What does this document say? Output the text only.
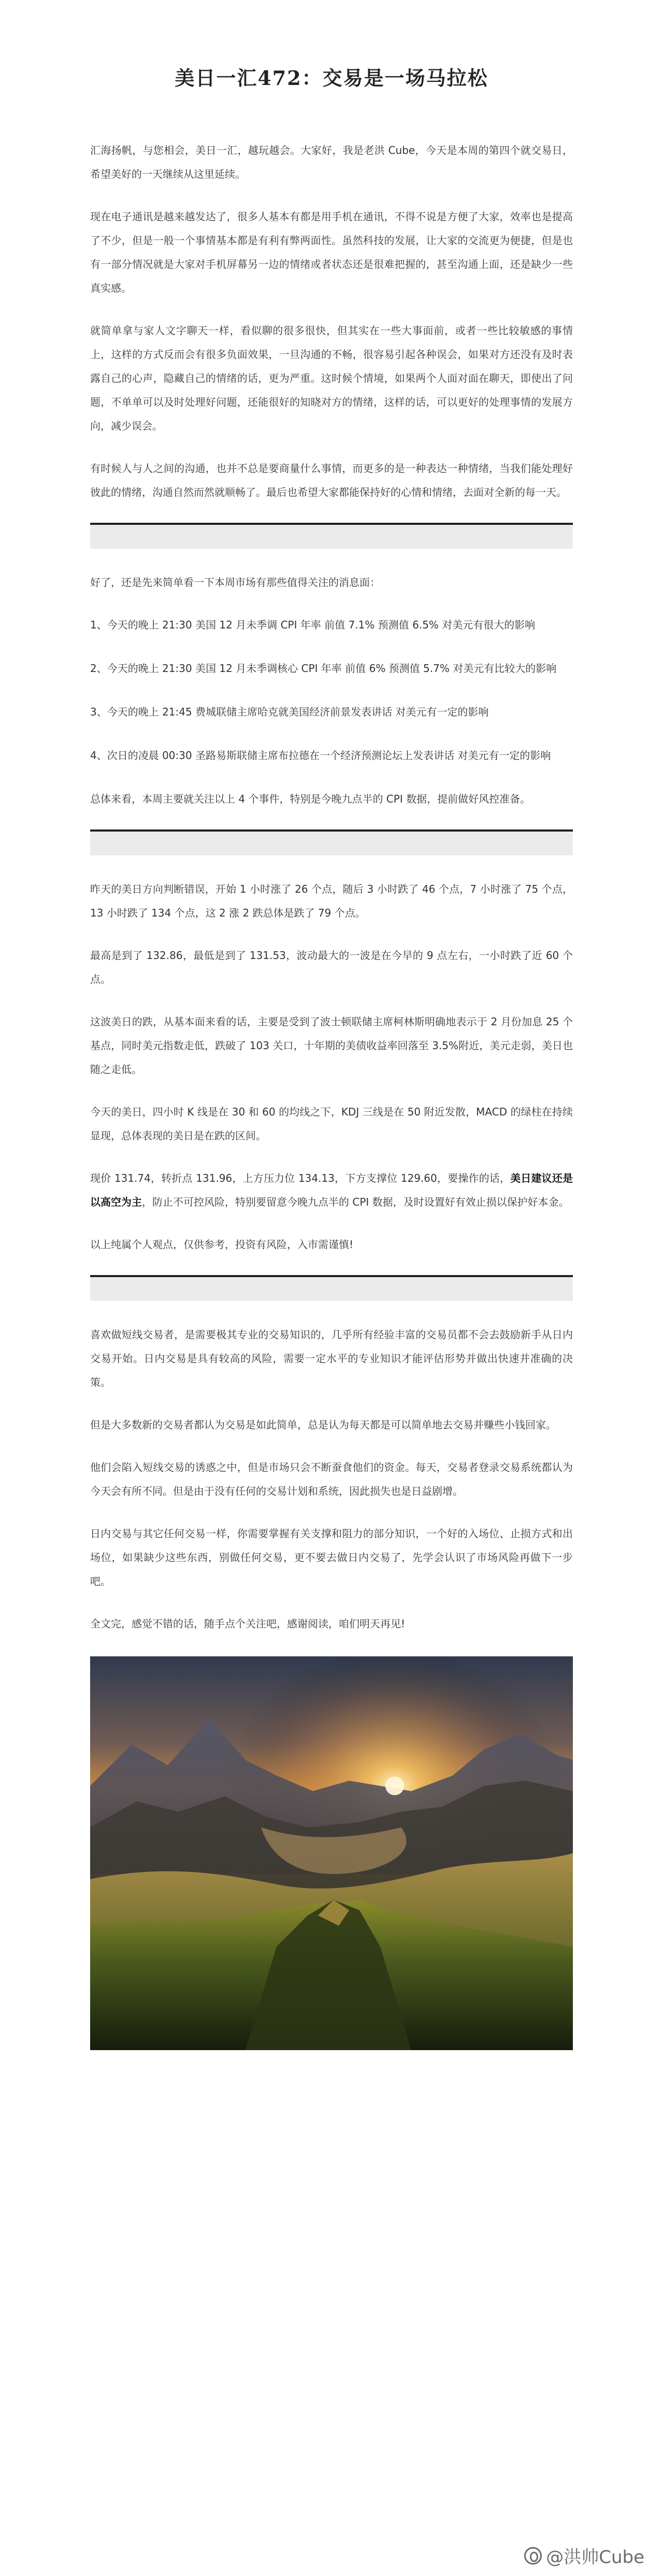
美日一汇472：交易是一场马拉松

汇海扬帆，与您相会，美日一汇，越玩越会。大家好，我是老洪 Cube，今天是本周的第四个就交易日，希望美好的一天继续从这里延续。

现在电子通讯是越来越发达了，很多人基本有都是用手机在通讯，不得不说是方便了大家，效率也是提高了不少，但是一般一个事情基本都是有利有弊两面性。虽然科技的发展，让大家的交流更为便捷，但是也有一部分情况就是大家对手机屏幕另一边的情绪或者状态还是很难把握的，甚至沟通上面，还是缺少一些真实感。

就简单拿与家人文字聊天一样，看似聊的很多很快，但其实在一些大事面前，或者一些比较敏感的事情上，这样的方式反而会有很多负面效果，一旦沟通的不畅，很容易引起各种误会，如果对方还没有及时表露自己的心声，隐藏自己的情绪的话，更为严重。这时候个情境，如果两个人面对面在聊天，即使出了问题，不单单可以及时处理好问题，还能很好的知晓对方的情绪，这样的话，可以更好的处理事情的发展方向，减少误会。

有时候人与人之间的沟通，也并不总是要商量什么事情，而更多的是一种表达一种情绪，当我们能处理好彼此的情绪，沟通自然而然就顺畅了。最后也希望大家都能保持好的心情和情绪，去面对全新的每一天。

好了，还是先来简单看一下本周市场有那些值得关注的消息面：

1、今天的晚上 21:30 美国 12 月未季调 CPI 年率 前值 7.1% 预测值 6.5% 对美元有很大的影响

2、今天的晚上 21:30 美国 12 月未季调核心 CPI 年率 前值 6% 预测值 5.7% 对美元有比较大的影响

3、今天的晚上 21:45 费城联储主席哈克就美国经济前景发表讲话 对美元有一定的影响

4、次日的凌晨 00:30 圣路易斯联储主席布拉德在一个经济预测论坛上发表讲话 对美元有一定的影响

总体来看，本周主要就关注以上 4 个事件，特别是今晚九点半的 CPI 数据，提前做好风控准备。

昨天的美日方向判断错误，开始 1 小时涨了 26 个点，随后 3 小时跌了 46 个点，7 小时涨了 75 个点，13 小时跌了 134 个点，这 2 涨 2 跌总体是跌了 79 个点。

最高是到了 132.86，最低是到了 131.53，波动最大的一波是在今早的 9 点左右，一小时跌了近 60 个点。

这波美日的跌，从基本面来看的话，主要是受到了波士顿联储主席柯林斯明确地表示于 2 月份加息 25 个基点，同时美元指数走低，跌破了 103 关口，十年期的美债收益率回落至 3.5%附近，美元走弱，美日也随之走低。

今天的美日，四小时 K 线是在 30 和 60 的均线之下，KDJ 三线是在 50 附近发散，MACD 的绿柱在持续显现，总体表现的美日是在跌的区间。

现价 131.74，转折点 131.96，上方压力位 134.13，下方支撑位 129.60，要操作的话，美日建议还是以高空为主，防止不可控风险，特别要留意今晚九点半的 CPI 数据，及时设置好有效止损以保护好本金。

以上纯属个人观点，仅供参考，投资有风险，入市需谨慎!

喜欢做短线交易者，是需要极其专业的交易知识的，几乎所有经验丰富的交易员都不会去鼓励新手从日内交易开始。日内交易是具有较高的风险，需要一定水平的专业知识才能评估形势并做出快速并准确的决策。

但是大多数新的交易者都认为交易是如此简单，总是认为每天都是可以简单地去交易并赚些小钱回家。

他们会陷入短线交易的诱惑之中，但是市场只会不断蚕食他们的资金。每天，交易者登录交易系统都认为今天会有所不同。但是由于没有任何的交易计划和系统，因此损失也是日益剧增。

日内交易与其它任何交易一样，你需要掌握有关支撑和阻力的部分知识，一个好的入场位、止损方式和出场位，如果缺少这些东西，别做任何交易，更不要去做日内交易了，先学会认识了市场风险再做下一步吧。

全文完，感觉不错的话，随手点个关注吧，感谢阅读，咱们明天再见!

@洪帅Cube
